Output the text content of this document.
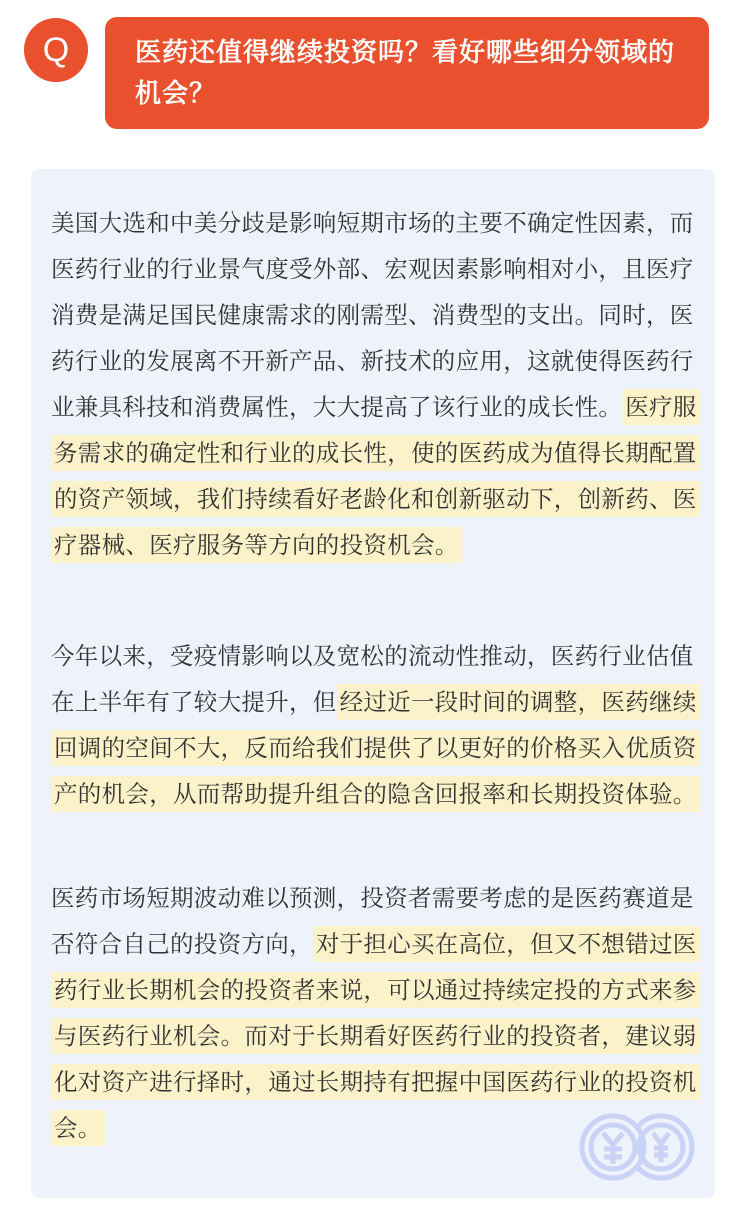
Q	医药还值得继续投资吗？看好哪些细分领域的机会？

美国大选和中美分歧是影响短期市场的主要不确定性因素，而医药行业的行业景气度受外部、宏观因素影响相对小，且医疗消费是满足国民健康需求的刚需型、消费型的支出。同时，医药行业的发展离不开新产品、新技术的应用，这就使得医药行业兼具科技和消费属性，大大提高了该行业的成长性。 医疗服务需求的确定性和行业的成长性，使的医药成为值得长期配置的资产领域，我们持续看好老龄化和创新驱动下，创新药、医疗器械、医疗服务等方向的投资机会。

今年以来，受疫情影响以及宽松的流动性推动，医药行业估值在上半年有了较大提升，但 经过近一段时间的调整，医药继续回调的空间不大，反而给我们提供了以更好的价格买入优质资产的机会，从而帮助提升组合的隐含回报率和长期投资体验。

医药市场短期波动难以预测，投资者需要考虑的是医药赛道是否符合自己的投资方向， 对于担心买在高位，但又不想错过医药行业长期机会的投资者来说，可以通过持续定投的方式来参与医药行业机会。而对于长期看好医药行业的投资者，建议弱化对资产进行择时，通过长期持有把握中国医药行业的投资机会。
